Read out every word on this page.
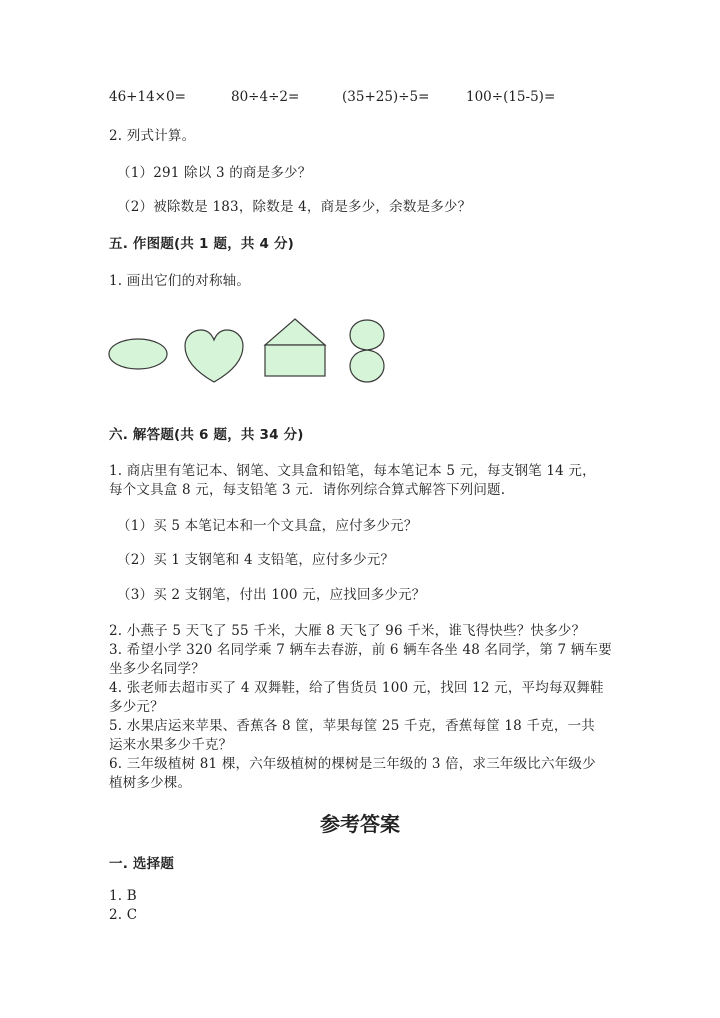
46+14×0=	80÷4÷2=	(35+25)÷5=	100÷(15-5)=
2. 列式计算。
（1）291 除以 3 的商是多少？
（2）被除数是 183，除数是 4，商是多少，余数是多少？
五. 作图题(共 1 题，共 4 分)
1. 画出它们的对称轴。
六. 解答题(共 6 题，共 34 分)
1. 商店里有笔记本、钢笔、文具盒和铅笔，每本笔记本 5 元，每支钢笔 14 元，
每个文具盒 8 元，每支铅笔 3 元．请你列综合算式解答下列问题.
（1）买 5 本笔记本和一个文具盒，应付多少元？
（2）买 1 支钢笔和 4 支铅笔，应付多少元？
（3）买 2 支钢笔，付出 100 元，应找回多少元？
2. 小燕子 5 天飞了 55 千米，大雁 8 天飞了 96 千米，谁飞得快些？快多少？
3. 希望小学 320 名同学乘 7 辆车去春游，前 6 辆车各坐 48 名同学，第 7 辆车要
坐多少名同学？
4. 张老师去超市买了 4 双舞鞋，给了售货员 100 元，找回 12 元，平均每双舞鞋
多少元？
5. 水果店运来苹果、香蕉各 8 筐，苹果每筐 25 千克，香蕉每筐 18 千克，一共
运来水果多少千克？
6. 三年级植树 81 棵，六年级植树的棵树是三年级的 3 倍，求三年级比六年级少
植树多少棵。
参考答案
一. 选择题
1. B
2. C
